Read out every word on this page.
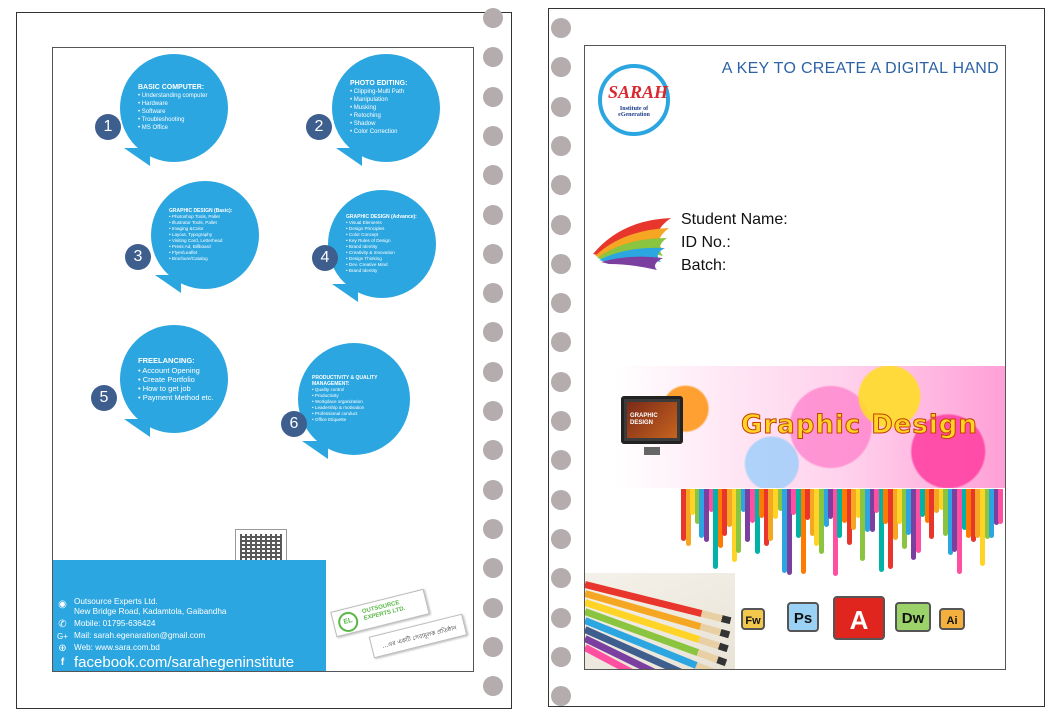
BASIC COMPUTER:
• Understanding computer
• Hardware
• Software
• Troubleshooting
• MS Office
1
PHOTO EDITING:
• Clipping-Multi Path
• Manipulation
• Musking
• Retoching
• Shadow
• Color Correction
2
GRAPHIC DESIGN (Basic):
• Photoshop Tools, Pallet
• Illustrator Tools, Pallet
• Imaging &Color
• Layout, Typography
• Visiting Card, Letterhead
• Press Ad, Billboard
• Flyer/Leaflet
• Brochure/Catalog
3
GRAPHIC DESIGN (Advance):
• Visual Elements
• Design Principles
• Color Concept
• Key Rules of Design
• Brand Identity
• Creativity & Innovation
• Design Thinking
• Dev. Creative Mind
• Brand Identity
4
FREELANCING:
• Account Opening
• Create Portfolio
• How to get job
• Payment Method etc.
5
PRODUCTIVITY & QUALITY MANAGEMENT:
• Quality control
• Productivity
• Workplace organization
• Leadership & motivation
• Professional conduct
• Office Etiquette
6
◉ Outsource Experts Ltd.
New Bridge Road, Kadamtola, Gaibandha
✆ Mobile: 01795-636424
G+ Mail: sarah.egenaration@gmail.com
⊕ Web: www.sara.com.bd
f facebook.com/sarahegeninstitute
EL
OUTSOURCE EXPERTS LTD.
...এর একটি সেবামূলক প্রতিষ্ঠান
A KEY TO CREATE A DIGITAL HAND
SARAH
Institute of eGeneration
Student Name:
ID No.:
Batch:
GRAPHIC DESIGN	Graphic Design
Fw	Ps	A	Dw	Ai
